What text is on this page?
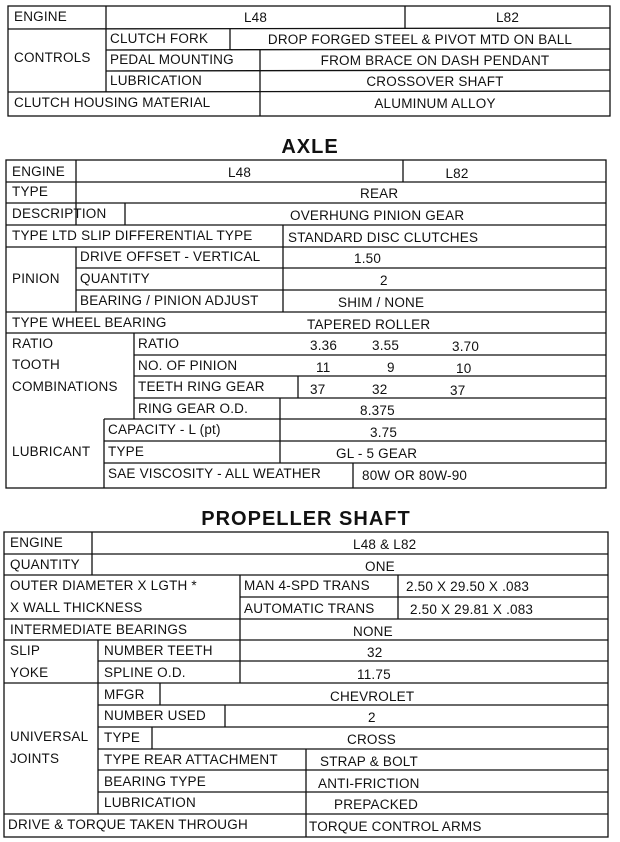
ENGINE	L48	L82
CONTROLS
CLUTCH FORK	DROP FORGED STEEL & PIVOT MTD ON BALL
PEDAL MOUNTING	FROM BRACE ON DASH PENDANT
LUBRICATION	CROSSOVER SHAFT
CLUTCH HOUSING MATERIAL	ALUMINUM ALLOY
AXLE
ENGINE	L48	L82
TYPE	REAR
DESCRIPTION	OVERHUNG PINION GEAR
TYPE LTD SLIP DIFFERENTIAL TYPE	STANDARD DISC CLUTCHES
PINION
DRIVE OFFSET - VERTICAL	1.50
QUANTITY	2
BEARING / PINION ADJUST	SHIM / NONE
TYPE WHEEL BEARING	TAPERED ROLLER
RATIO
TOOTH
COMBINATIONS
RATIO	3.36	3.55	3.70
NO. OF PINION	11	9	10
TEETH RING GEAR	37	32	37
RING GEAR O.D.	8.375
LUBRICANT
CAPACITY - L (pt)	3.75
TYPE	GL - 5 GEAR
SAE VISCOSITY - ALL WEATHER	80W OR 80W-90
PROPELLER SHAFT
ENGINE	L48 & L82
QUANTITY	ONE
OUTER DIAMETER X LGTH *
X WALL THICKNESS
MAN 4-SPD TRANS	2.50 X 29.50 X .083
AUTOMATIC TRANS	2.50 X 29.81 X .083
INTERMEDIATE BEARINGS	NONE
SLIP
YOKE
NUMBER TEETH	32
SPLINE O.D.	11.75
UNIVERSAL
JOINTS
MFGR	CHEVROLET
NUMBER USED	2
TYPE	CROSS
TYPE REAR ATTACHMENT	STRAP & BOLT
BEARING TYPE	ANTI-FRICTION
LUBRICATION	PREPACKED
DRIVE & TORQUE TAKEN THROUGH	TORQUE CONTROL ARMS
